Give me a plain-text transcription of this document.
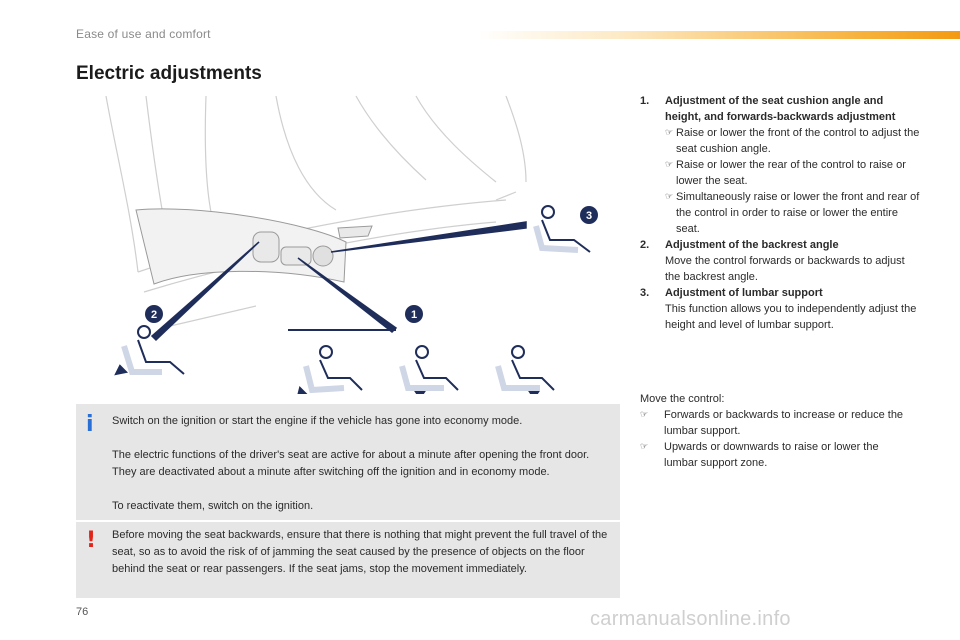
Ease of use and comfort
Electric adjustments
1
2
3
1.	Adjustment of the seat cushion angle and height, and forwards-backwards adjustment
☞ Raise or lower the front of the control to adjust the seat cushion angle.
☞ Raise or lower the rear of the control to raise or lower the seat.
☞ Simultaneously raise or lower the front and rear of the control in order to raise or lower the entire seat.
2.	Adjustment of the backrest angle
Move the control forwards or backwards to adjust the backrest angle.
3.	Adjustment of lumbar support
This function allows you to independently adjust the height and level of lumbar support.
Move the control:
☞	Forwards or backwards to increase or reduce the lumbar support.
☞	Upwards or downwards to raise or lower the lumbar support zone.
i Switch on the ignition or start the engine if the vehicle has gone into economy mode.
The electric functions of the driver's seat are active for about a minute after opening the front door. They are deactivated about a minute after switching off the ignition and in economy mode.
To reactivate them, switch on the ignition.
! Before moving the seat backwards, ensure that there is nothing that might prevent the full travel of the seat, so as to avoid the risk of of jamming the seat caused by the presence of objects on the floor behind the seat or rear passengers. If the seat jams, stop the movement immediately.
76	carmanualsonline.info
